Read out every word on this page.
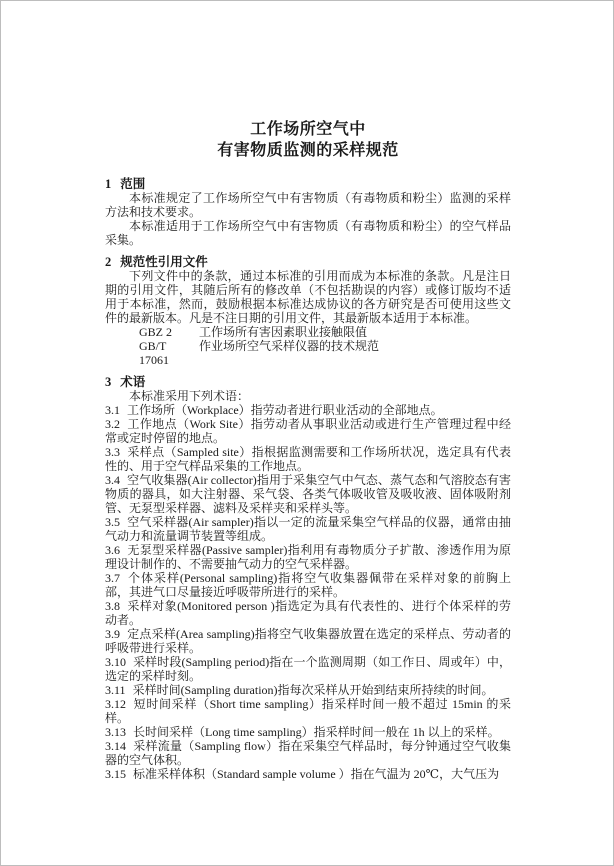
工作场所空气中
有害物质监测的采样规范

1 范围

本标准规定了工作场所空气中有害物质（有毒物质和粉尘）监测的采样方法和技术要求。

本标准适用于工作场所空气中有害物质（有毒物质和粉尘）的空气样品采集。

2 规范性引用文件

下列文件中的条款，通过本标准的引用而成为本标准的条款。凡是注日期的引用文件，其随后所有的修改单（不包括勘误的内容）或修订版均不适用于本标准，然而，鼓励根据本标准达成协议的各方研究是否可使用这些文件的最新版本。凡是不注日期的引用文件，其最新版本适用于本标准。

GBZ 2	工作场所有害因素职业接触限值

GB/T 17061
作业场所空气采样仪器的技术规范

3 术语

本标准采用下列术语：

3.1 工作场所（Workplace）指劳动者进行职业活动的全部地点。

3.2 工作地点（Work Site）指劳动者从事职业活动或进行生产管理过程中经常或定时停留的地点。

3.3 采样点（Sampled site）指根据监测需要和工作场所状况，选定具有代表性的、用于空气样品采集的工作地点。

3.4 空气收集器(Air collector)指用于采集空气中气态、蒸气态和气溶胶态有害物质的器具，如大注射器、采气袋、各类气体吸收管及吸收液、固体吸附剂管、无泵型采样器、滤料及采样夹和采样头等。

3.5 空气采样器(Air sampler)指以一定的流量采集空气样品的仪器，通常由抽气动力和流量调节装置等组成。

3.6 无泵型采样器(Passive sampler)指利用有毒物质分子扩散、渗透作用为原理设计制作的、不需要抽气动力的空气采样器。

3.7 个体采样(Personal sampling)指将空气收集器佩带在采样对象的前胸上部，其进气口尽量接近呼吸带所进行的采样。

3.8 采样对象(Monitored person )指选定为具有代表性的、进行个体采样的劳动者。

3.9 定点采样(Area sampling)指将空气收集器放置在选定的采样点、劳动者的呼吸带进行采样。

3.10 采样时段(Sampling period)指在一个监测周期（如工作日、周或年）中，选定的采样时刻。

3.11 采样时间(Sampling duration)指每次采样从开始到结束所持续的时间。

3.12 短时间采样（Short time sampling）指采样时间一般不超过 15min 的采样。

3.13 长时间采样（Long time sampling）指采样时间一般在 1h 以上的采样。

3.14 采样流量（Sampling flow）指在采集空气样品时，每分钟通过空气收集器的空气体积。

3.15 标准采样体积（Standard sample volume ）指在气温为 20℃，大气压为
